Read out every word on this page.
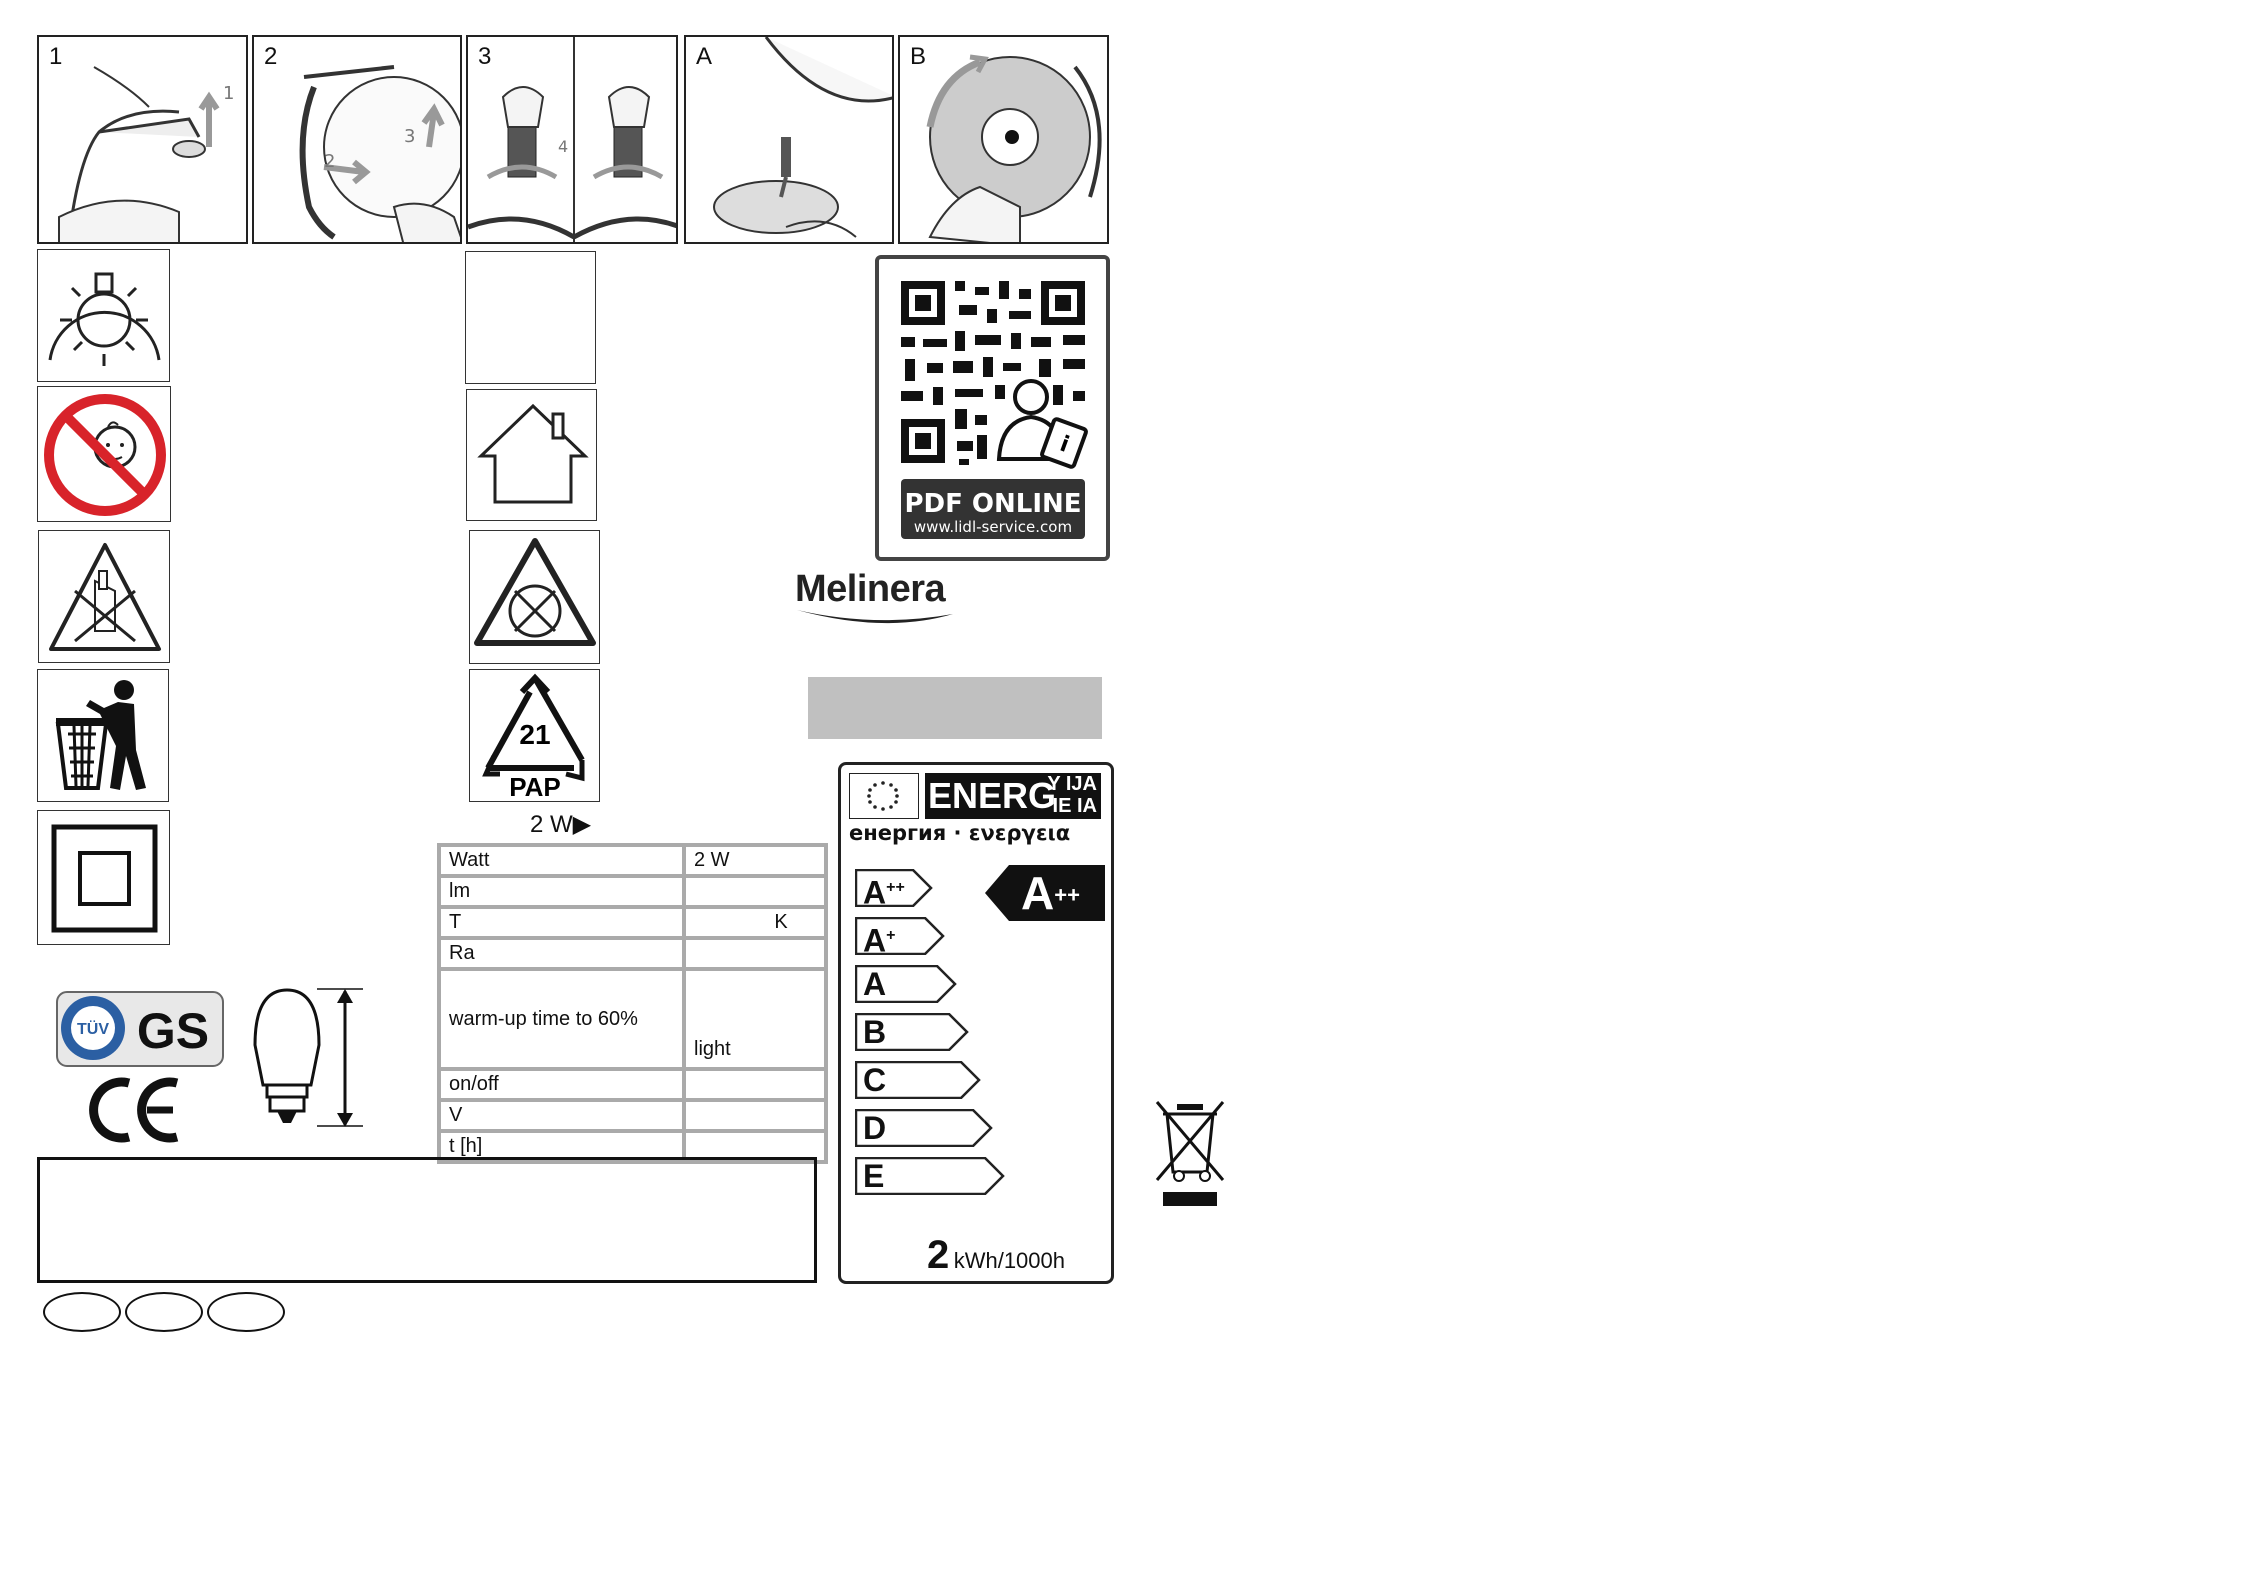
1
1
2
2
3
3
4
A	B
21
PAP
2 W▶
Watt	2 W
lm	
T	K
Ra	
warm-up time to 60%	light
on/off	
V	
t [h]	
i
PDF ONLINE
www.lidl-service.com
Melinera
ENERG
Y IJA
IE IA
енергия · ενεργεια
A++
A+
A
B
C
D
E
A++
2 kWh/1000h
TÜV GS
